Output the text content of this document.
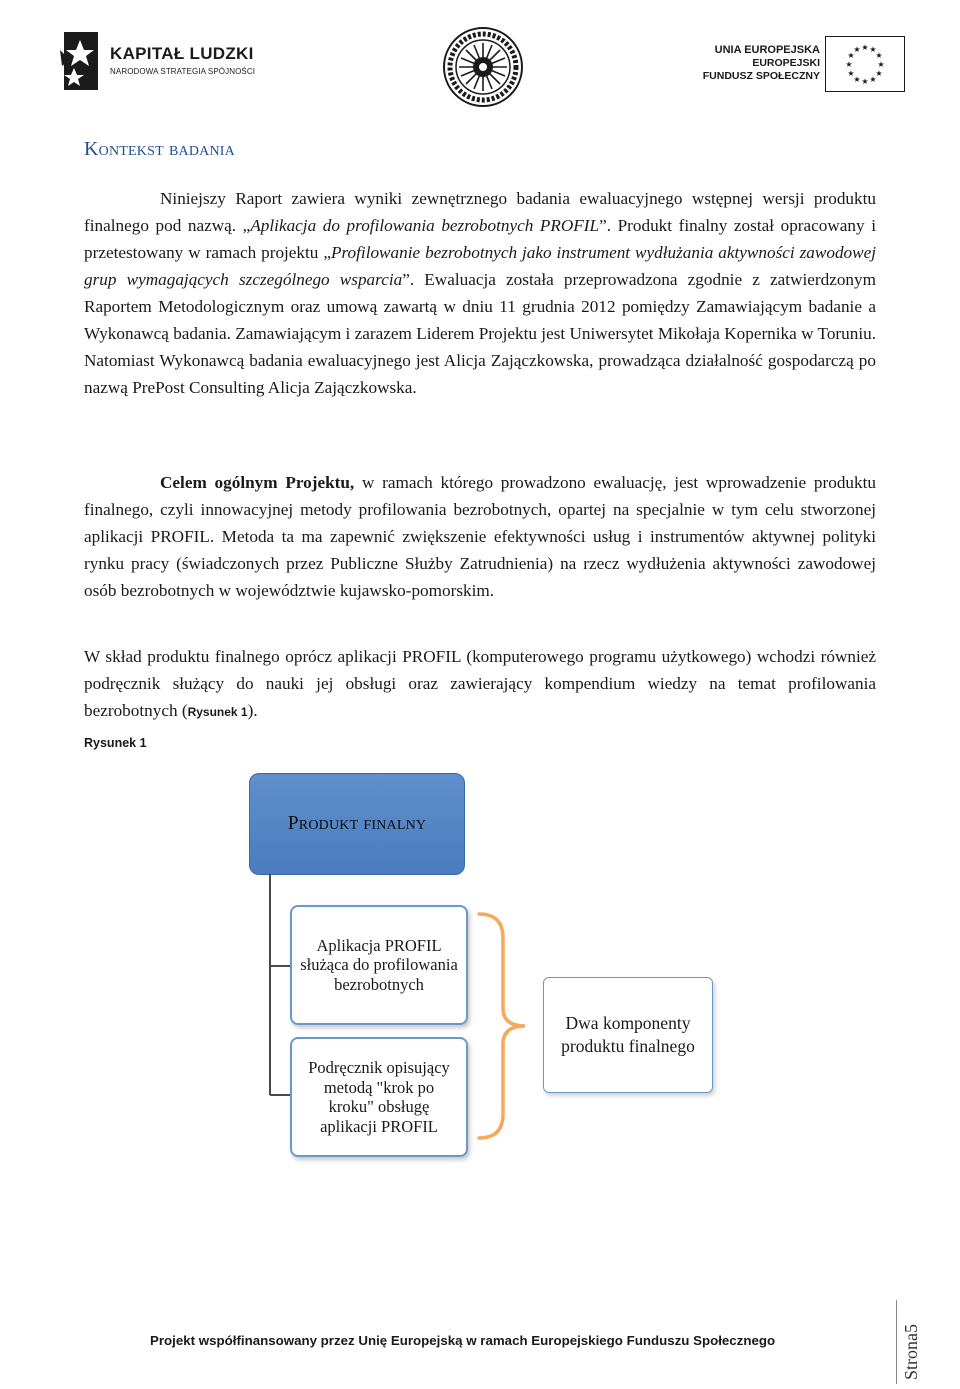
KAPITAŁ LUDZKI
NARODOWA STRATEGIA SPÓJNOŚCI
UNIA EUROPEJSKA
EUROPEJSKI
FUNDUSZ SPOŁECZNY
★ ★
★
★
★
★
★
★
★
★
★
★
Kontekst badania

Niniejszy Raport zawiera wyniki zewnętrznego badania ewaluacyjnego wstępnej wersji produktu finalnego pod nazwą. „Aplikacja do profilowania bezrobotnych PROFIL”. Produkt finalny został opracowany i przetestowany w ramach projektu „Profilowanie bezrobotnych jako instrument wydłużania aktywności zawodowej grup wymagających szczególnego wsparcia”. Ewaluacja została przeprowadzona zgodnie z zatwierdzonym Raportem Metodologicznym oraz umową zawartą w dniu 11 grudnia 2012 pomiędzy Zamawiającym badanie a Wykonawcą badania. Zamawiającym i zarazem Liderem Projektu jest Uniwersytet Mikołaja Kopernika w Toruniu. Natomiast Wykonawcą badania ewaluacyjnego jest Alicja Zajączkowska, prowadząca działalność gospodarczą po nazwą PrePost Consulting Alicja Zajączkowska.

Celem ogólnym Projektu, w ramach którego prowadzono ewaluację, jest wprowadzenie produktu finalnego, czyli innowacyjnej metody profilowania bezrobotnych, opartej na specjalnie w tym celu stworzonej aplikacji PROFIL. Metoda ta ma zapewnić zwiększenie efektywności usług i instrumentów aktywnej polityki rynku pracy (świadczonych przez Publiczne Służby Zatrudnienia) na rzecz wydłużenia aktywności zawodowej osób bezrobotnych w województwie kujawsko-pomorskim.

W skład produktu finalnego oprócz aplikacji PROFIL (komputerowego programu użytkowego) wchodzi również podręcznik służący do nauki jej obsługi oraz zawierający kompendium wiedzy na temat profilowania bezrobotnych (Rysunek 1).

Rysunek 1
Produkt finalny
Aplikacja PROFIL służąca do profilowania bezrobotnych
Podręcznik opisujący metodą "krok po kroku" obsługę aplikacji PROFIL
Dwa komponenty produktu finalnego
Projekt współfinansowany przez Unię Europejską w ramach Europejskiego Funduszu Społecznego	Strona5
